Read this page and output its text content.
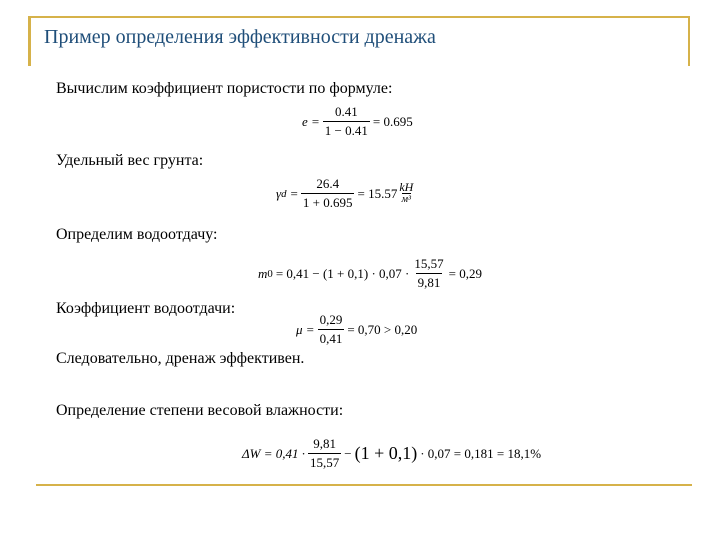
Пример определения эффективности дренажа
Вычислим коэффициент пористости по формуле:
$e = \frac{0.41}{1 - 0.41} = 0.695$
Удельный вес грунта:
γ $d = \frac{26.4}{1 + 0.695} = 15.57 \frac{kH}{\text{м³}}$
Определим водоотдачу:
m $0 = 0,41 - (1 + 0,1) \cdot 0,07 \cdot \frac{15,57}{9,81} = 0,29$
Коэффициент водоотдачи:
$\mu = \frac{0,29}{0,41} = 0,70 > 0,20$
Следовательно, дренаж эффективен.
Определение степени весовой влажности:
$\Delta W = 0,41 \cdot \frac{9,81}{15,57} - (1 + 0,1) \cdot 0,07 = 0,181 = 18,1\%$
